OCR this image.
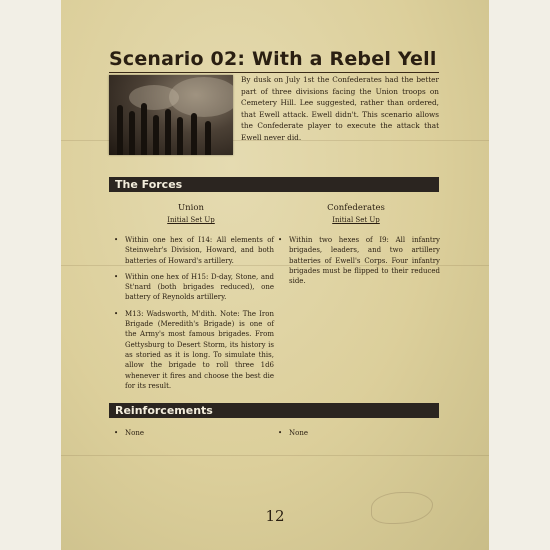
Scenario 02: With a Rebel Yell

By dusk on July 1st the Confederates had the better part of three divisions facing the Union troops on Cemetery Hill. Lee suggested, rather than ordered, that Ewell attack. Ewell didn't. This scenario allows the Confederate player to execute the attack that Ewell never did.

The Forces
Union
Initial Set Up
Confederates
Initial Set Up
• Within one hex of I14: All elements of Steinwehr's Division, Howard, and both batteries of Howard's artillery.
• Within one hex of H15: D-day, Stone, and St'nard (both brigades reduced), one battery of Reynolds artillery.
• M13: Wadsworth, M'dith. Note: The Iron Brigade (Meredith's Brigade) is one of the Army's most famous brigades. From Gettysburg to Desert Storm, its history is as storied as it is long. To simulate this, allow the brigade to roll three 1d6 whenever it fires and choose the best die for its result.
• Within two hexes of I9: All infantry brigades, leaders, and two artillery batteries of Ewell's Corps. Four infantry brigades must be flipped to their reduced side.
Reinforcements
• None
•	None
12
